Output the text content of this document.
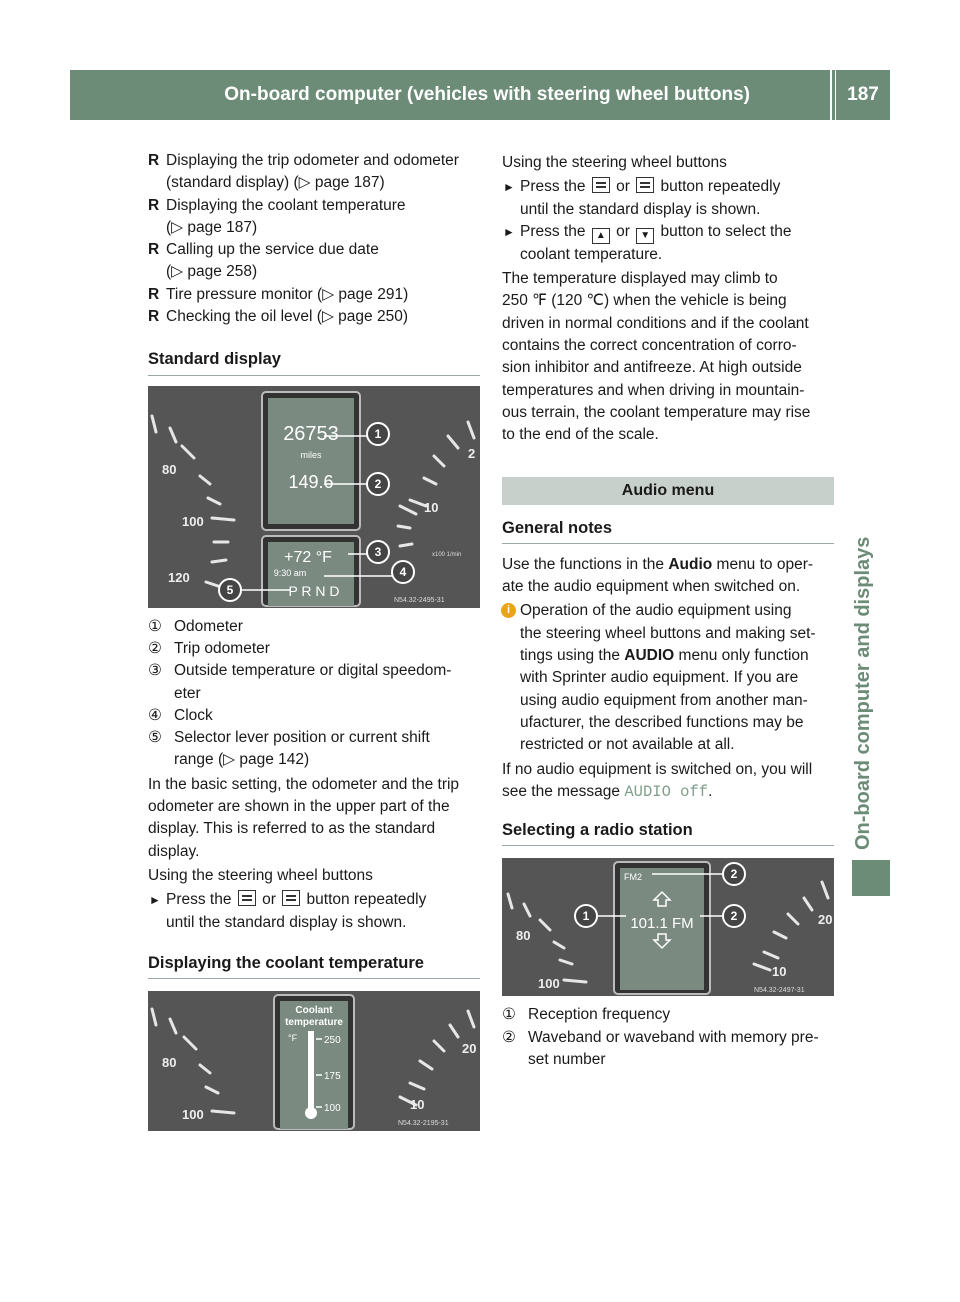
On-board computer (vehicles with steering wheel buttons)	187
On-board computer and displays
R Displaying the trip odometer and odometer
(standard display) (▷ page 187)
R Displaying the coolant temperature
(▷ page 187)
R Calling up the service due date
(▷ page 258)
R Tire pressure monitor (▷ page 291)
R Checking the oil level (▷ page 250)
Standard display
80
100
120
10
2
x100 1/min
26753
miles
149.6
+72 °F
9:30 am
P R N D
1
2
3
4
5
N54.32-2495-31
① Odometer
② Trip odometer
③ Outside temperature or digital speedom-
eter
④ Clock
⑤ Selector lever position or current shift
range (▷ page 142)
In the basic setting, the odometer and the trip
odometer are shown in the upper part of the
display. This is referred to as the standard
display.
Using the steering wheel buttons
► Press the or button repeatedly
until the standard display is shown.
Displaying the coolant temperature
80
100
10
20
Coolant
temperature
°F	250
175
100
N54.32-2195-31
Using the steering wheel buttons
► Press the or button repeatedly
until the standard display is shown.
► Press the ▲ or ▼ button to select the
coolant temperature.
The temperature displayed may climb to
250 ℉ (120 ℃) when the vehicle is being
driven in normal conditions and if the coolant
contains the correct concentration of corro-
sion inhibitor and antifreeze. At high outside
temperatures and when driving in mountain-
ous terrain, the coolant temperature may rise
to the end of the scale.
Audio menu
General notes
Use the functions in the Audio menu to oper-
ate the audio equipment when switched on.
i Operation of the audio equipment using
the steering wheel buttons and making set-
tings using the AUDIO menu only function
with Sprinter audio equipment. If you are
using audio equipment from another man-
ufacturer, the described functions may be
restricted or not available at all.
If no audio equipment is switched on, you will
see the message AUDIO off.
Selecting a radio station
80
100
10
20
FM2
101.1 FM
2
2
1
N54.32-2497-31
① Reception frequency
② Waveband or waveband with memory pre-
set number
